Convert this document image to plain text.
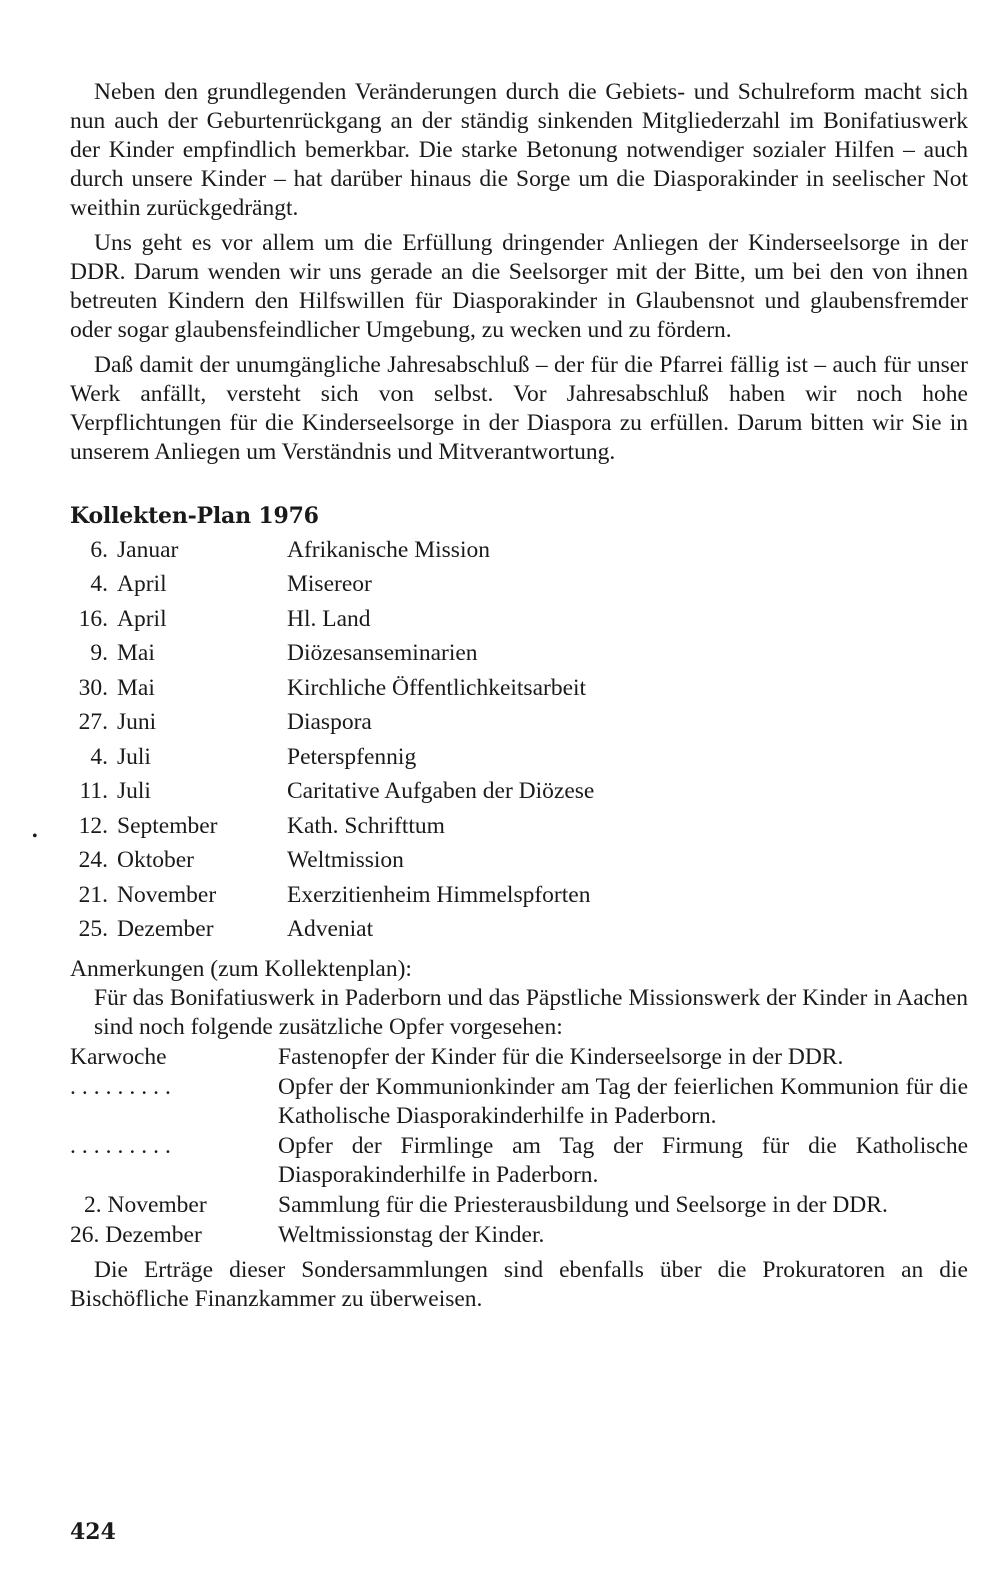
Neben den grundlegenden Veränderungen durch die Gebiets- und Schulreform macht sich nun auch der Geburtenrückgang an der ständig sinkenden Mitgliederzahl im Bonifatiuswerk der Kinder empfindlich bemerkbar. Die starke Betonung notwendiger sozialer Hilfen – auch durch unsere Kinder – hat darüber hinaus die Sorge um die Diasporakinder in seelischer Not weithin zurückgedrängt.

Uns geht es vor allem um die Erfüllung dringender Anliegen der Kinderseelsorge in der DDR. Darum wenden wir uns gerade an die Seelsorger mit der Bitte, um bei den von ihnen betreuten Kindern den Hilfswillen für Diasporakinder in Glaubensnot und glaubensfremder oder sogar glaubensfeindlicher Umgebung, zu wecken und zu fördern.

Daß damit der unumgängliche Jahresabschluß – der für die Pfarrei fällig ist – auch für unser Werk anfällt, versteht sich von selbst. Vor Jahresabschluß haben wir noch hohe Verpflichtungen für die Kinderseelsorge in der Diaspora zu erfüllen. Darum bitten wir Sie in unserem Anliegen um Verständnis und Mitverantwortung.

Kollekten-Plan 1976
6. Januar	Afrikanische Mission
4. April	Misereor
16. April	Hl. Land
9. Mai	Diözesanseminarien
30. Mai	Kirchliche Öffentlichkeitsarbeit
27. Juni	Diaspora
4. Juli	Peterspfennig
11. Juli	Caritative Aufgaben der Diözese
12. September	Kath. Schrifttum
24. Oktober	Weltmission
21. November	Exerzitienheim Himmelspforten
25. Dezember	Adveniat
Anmerkungen (zum Kollektenplan):
Für das Bonifatiuswerk in Paderborn und das Päpstliche Missionswerk der Kinder in Aachen sind noch folgende zusätzliche Opfer vorgesehen:
Karwoche	Fastenopfer der Kinder für die Kinderseelsorge in der DDR.
.........	Opfer der Kommunionkinder am Tag der feierlichen Kommunion für die Katholische Diasporakinderhilfe in Paderborn.
.........	Opfer der Firmlinge am Tag der Firmung für die Katholische Diasporakinderhilfe in Paderborn.
2. November	Sammlung für die Priesterausbildung und Seelsorge in der DDR.
26. Dezember	Weltmissionstag der Kinder.

Die Erträge dieser Sondersammlungen sind ebenfalls über die Prokuratoren an die Bischöfliche Finanzkammer zu überweisen.

•
424
